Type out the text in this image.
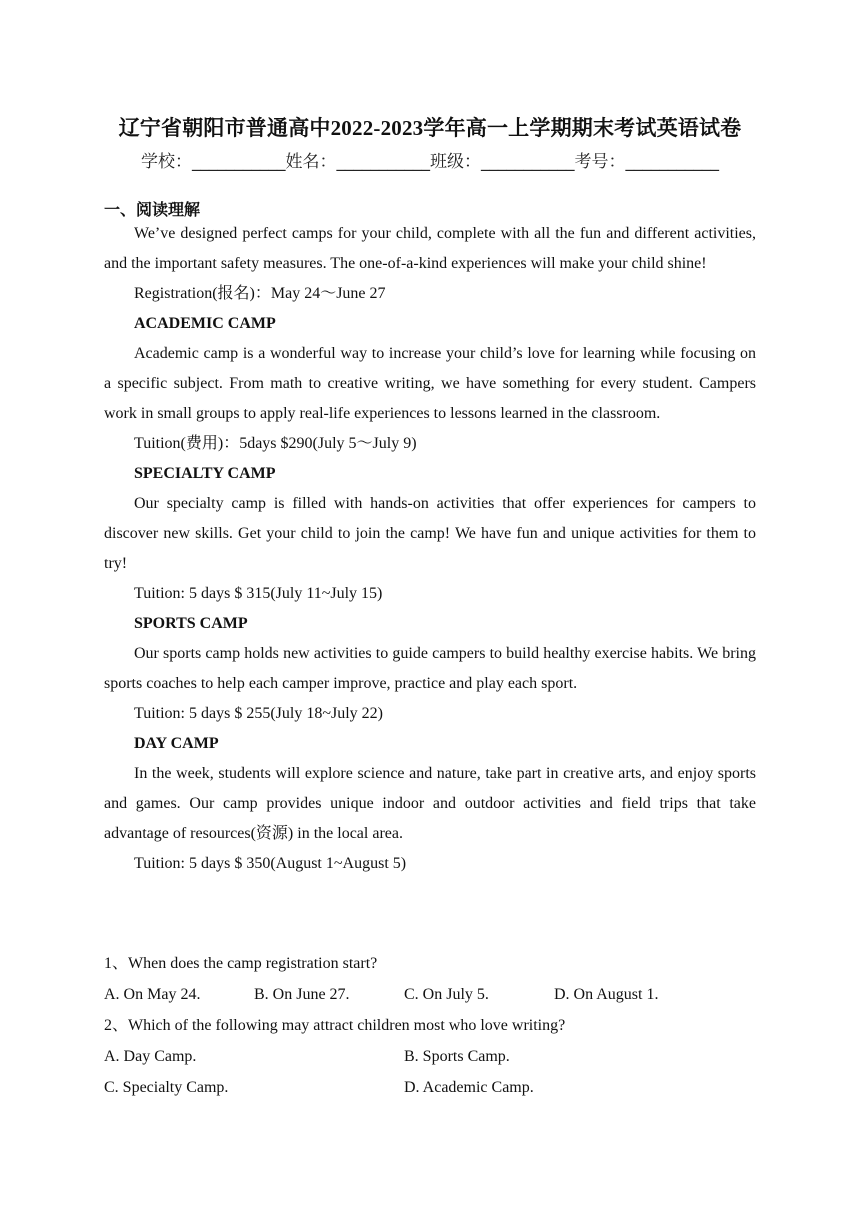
辽宁省朝阳市普通高中2022-2023学年高一上学期期末考试英语试卷
学校：___________姓名：___________班级：___________考号：___________
一、阅读理解

We’ve designed perfect camps for your child, complete with all the fun and different activities, and the important safety measures. The one-of-a-kind experiences will make your child shine!

Registration(报名)：May 24～June 27

ACADEMIC CAMP

Academic camp is a wonderful way to increase your child’s love for learning while focusing on a specific subject. From math to creative writing, we have something for every student. Campers work in small groups to apply real-life experiences to lessons learned in the classroom.

Tuition(费用)：5days $290(July 5～July 9)

SPECIALTY CAMP

Our specialty camp is filled with hands-on activities that offer experiences for campers to discover new skills. Get your child to join the camp! We have fun and unique activities for them to try!

Tuition: 5 days $ 315(July 11~July 15)

SPORTS CAMP

Our sports camp holds new activities to guide campers to build healthy exercise habits. We bring sports coaches to help each camper improve, practice and play each sport.

Tuition: 5 days $ 255(July 18~July 22)

DAY CAMP

In the week, students will explore science and nature, take part in creative arts, and enjoy sports and games. Our camp provides unique indoor and outdoor activities and field trips that take advantage of resources(资源) in the local area.

Tuition: 5 days $ 350(August 1~August 5)

1、When does the camp registration start?

A. On May 24.	B. On June 27.	C. On July 5.	D. On August 1.

2、Which of the following may attract children most who love writing?

A. Day Camp.	B. Sports Camp.
C. Specialty Camp.	D. Academic Camp.
